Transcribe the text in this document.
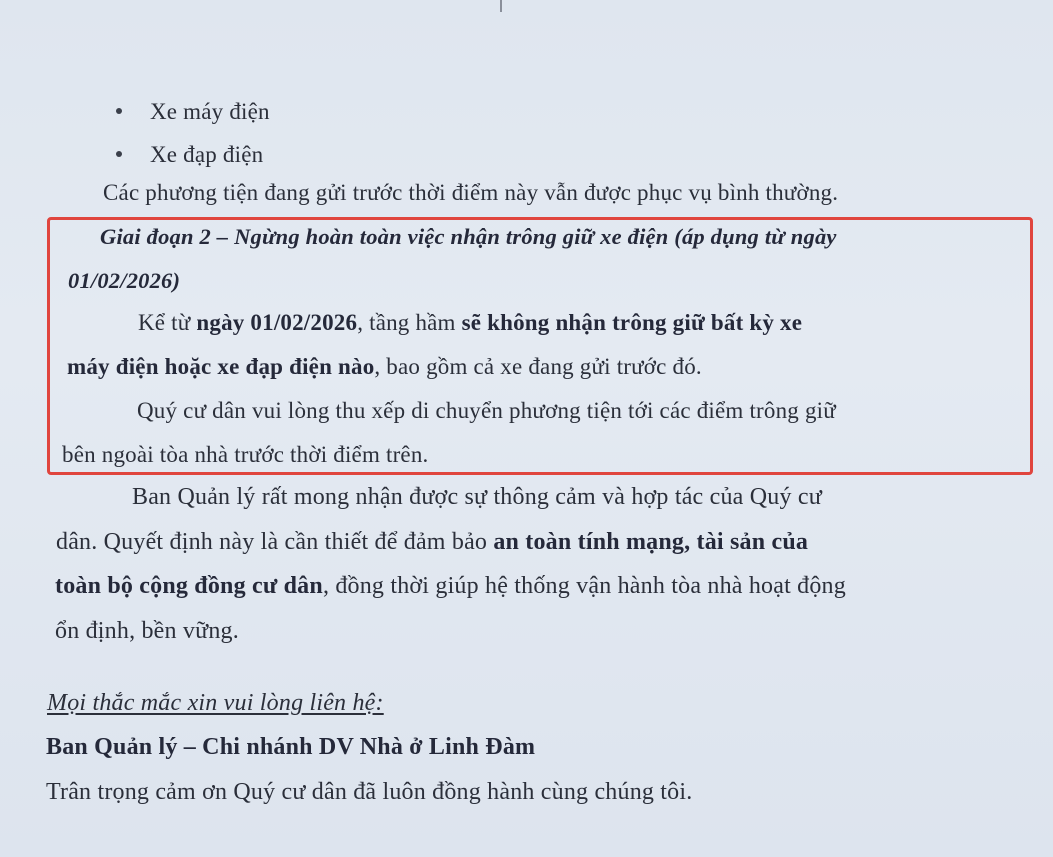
Xe máy điện
Xe đạp điện
Các phương tiện đang gửi trước thời điểm này vẫn được phục vụ bình thường.
Giai đoạn 2 – Ngừng hoàn toàn việc nhận trông giữ xe điện (áp dụng từ ngày
01/02/2026)
Kể từ ngày 01/02/2026, tầng hầm sẽ không nhận trông giữ bất kỳ xe
máy điện hoặc xe đạp điện nào, bao gồm cả xe đang gửi trước đó.
Quý cư dân vui lòng thu xếp di chuyển phương tiện tới các điểm trông giữ
bên ngoài tòa nhà trước thời điểm trên.
Ban Quản lý rất mong nhận được sự thông cảm và hợp tác của Quý cư
dân. Quyết định này là cần thiết để đảm bảo an toàn tính mạng, tài sản của
toàn bộ cộng đồng cư dân, đồng thời giúp hệ thống vận hành tòa nhà hoạt động
ổn định, bền vững.
Mọi thắc mắc xin vui lòng liên hệ:
Ban Quản lý – Chi nhánh DV Nhà ở Linh Đàm
Trân trọng cảm ơn Quý cư dân đã luôn đồng hành cùng chúng tôi.
